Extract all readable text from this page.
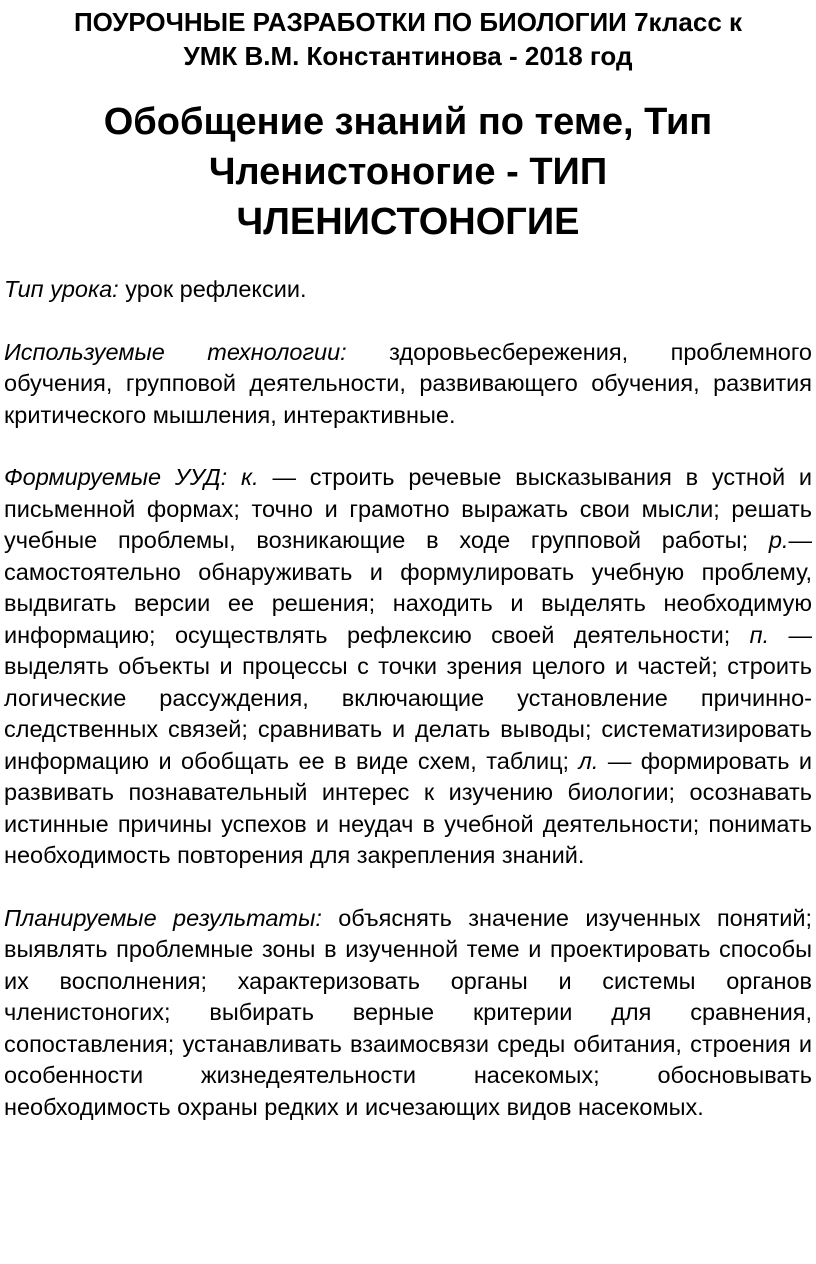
ПОУРОЧНЫЕ РАЗРАБОТКИ ПО БИОЛОГИИ 7класс к
УМК В.М. Константинова - 2018 год
Обобщение знаний по теме, Тип
Членистоногие - ТИП
ЧЛЕНИСТОНОГИЕ

Тип урока: урок рефлексии.

Используемые технологии: здоровьесбережения, проблемного обучения, групповой деятельности, развивающего обучения, развития критического мышления, интерактивные.

Формируемые УУД: к. — строить речевые высказывания в устной и письменной формах; точно и грамотно выражать свои мысли; решать учебные проблемы, возникающие в ходе групповой работы; р.— самостоятельно обнаруживать и формулировать учебную проблему, выдвигать версии ее решения; находить и выделять необходимую информацию; осуществлять рефлексию своей деятельности; п. — выделять объекты и процессы с точки зрения целого и частей; строить логические рассуждения, включающие установление причинно-следственных связей; сравнивать и делать выводы; систематизировать информацию и обобщать ее в виде схем, таблиц; л. — формировать и развивать познавательный интерес к изучению биологии; осознавать истинные причины успехов и неудач в учебной деятельности; понимать необходимость повторения для закрепления знаний.

Планируемые результаты: объяснять значение изученных понятий; выявлять проблемные зоны в изученной теме и проектировать способы их восполнения; характеризовать органы и системы органов членистоногих; выбирать верные критерии для сравнения, сопоставления; устанавливать взаимосвязи среды обитания, строения и особенности жизнедеятельности насекомых; обосновывать необходимость охраны редких и исчезающих видов насекомых.
